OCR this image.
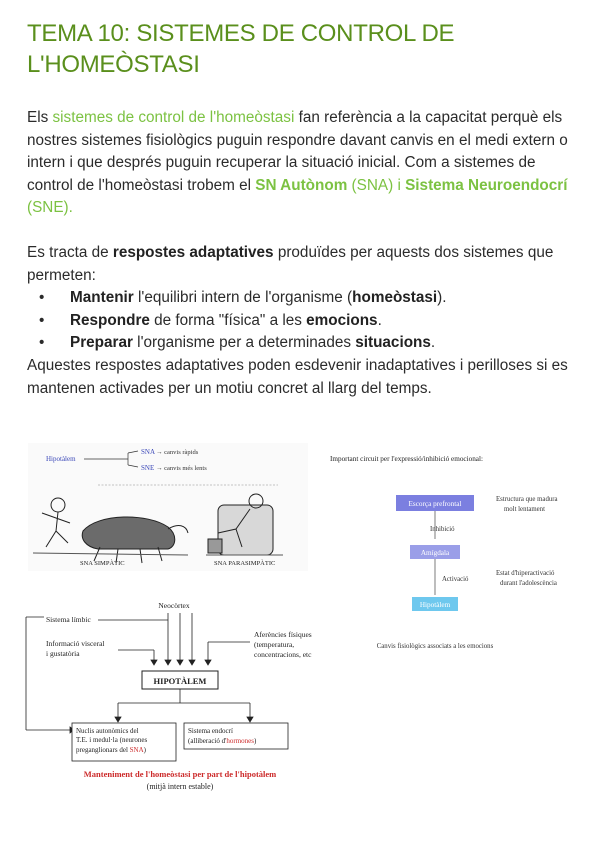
TEMA 10: SISTEMES DE CONTROL DE L'HOMEÒSTASI
Els sistemes de control de l'homeòstasi fan referència a la capacitat perquè els nostres sistemes fisiològics puguin respondre davant canvis en el medi extern o intern i que després puguin recuperar la situació inicial. Com a sistemes de control de l'homeòstasi trobem el SN Autònom (SNA) i Sistema Neuroendocrí (SNE).
Es tracta de respostes adaptatives produïdes per aquests dos sistemes que permeten:
• Mantenir l'equilibri intern de l'organisme (homeòstasi).
• Respondre de forma "física" a les emocions.
• Preparar l'organisme per a determinades situacions.
Aquestes respostes adaptatives poden esdevenir inadaptatives i perilloses si es mantenen activades per un motiu concret al llarg del temps.
Hipotàlem
SNA → canvis ràpids
SNE → canvis més lents
SNA SIMPÀTIC	SNA PARASIMPÀTIC
Important circuit per l'expressió/inhibició emocional:
Escorça prefrontal
Estructura que madura
molt lentament
Inhibició
Amígdala
Activació
Estat d'hiperactivació
durant l'adolescència
Hipotàlem
Canvis fisiològics associats a les emocions
Neocòrtex
Sistema límbic
Informació visceral
i gustatòria
Aferències físiques
(temperatura,
concentracions, etc
HIPOTÀLEM
Nuclis autonòmics del
T.E. i medul·la (neurones
preganglionars del SNA)
Sistema endocrí
(alliberació d'hormones)
Manteniment de l'homeòstasi per part de l'hipotàlem
(mitjà intern estable)
